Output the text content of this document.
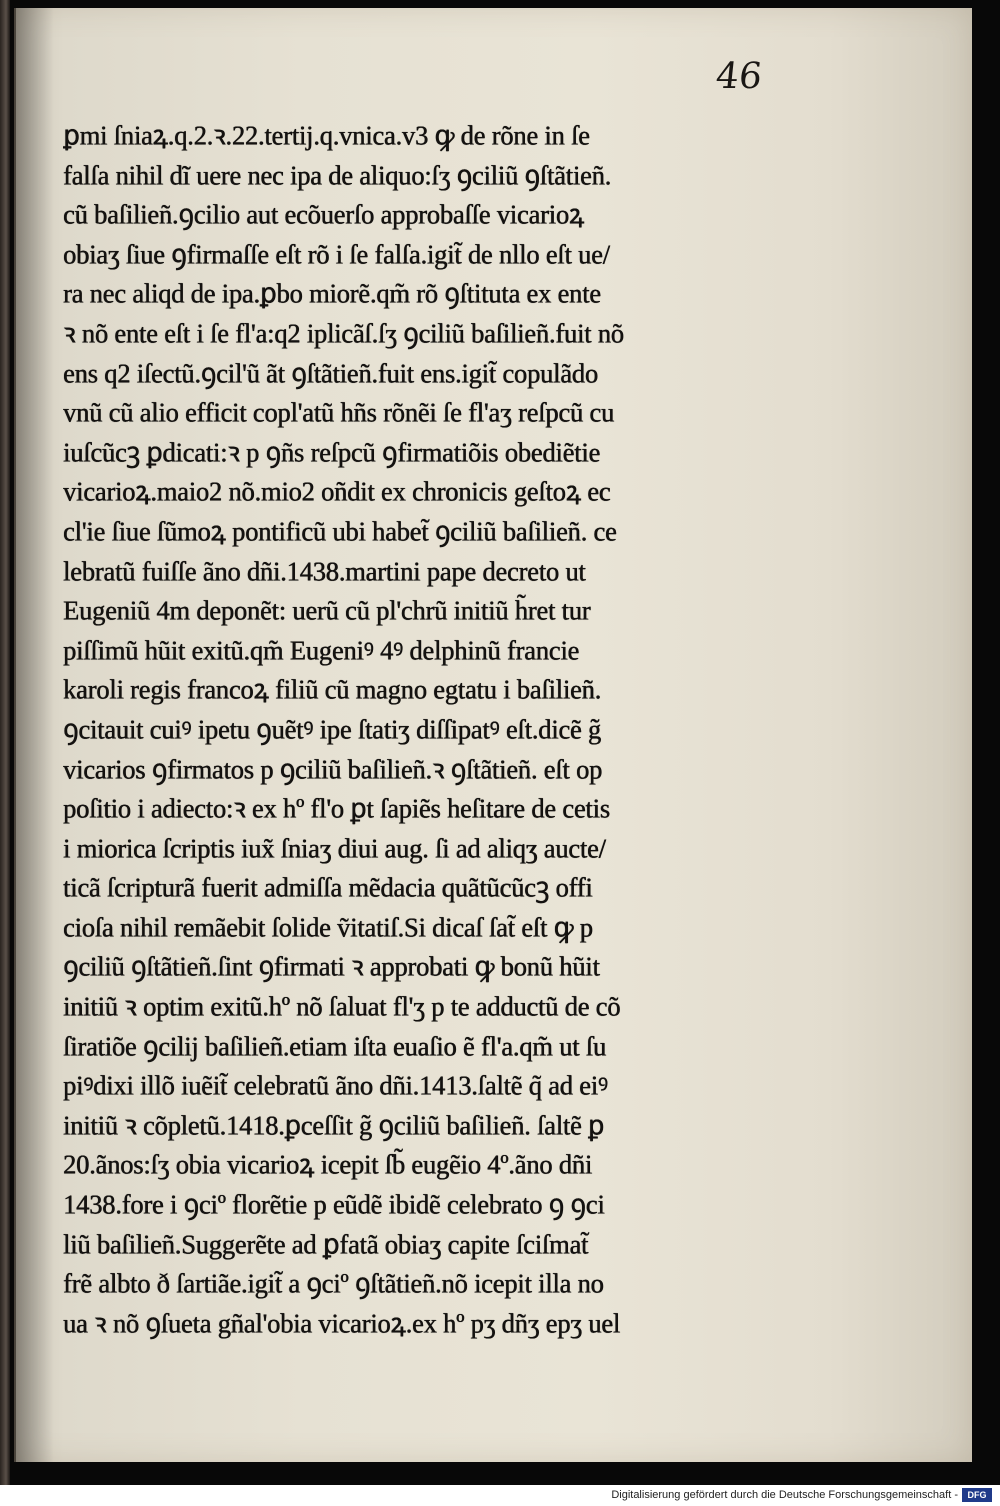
46
ꝑmi ſniaꝝ.q.2.ꝛ.22.tertij.q.vnica.v3 ꝙ de rõne in ſe
falſa nihil dĩ uere nec ipa de aliquo:ſʒ ꝯciliũ ꝯſtãtieñ.
cũ baſilieñ.ꝯcilio aut ecõuerſo approbaſſe vicarioꝝ
obiaʒ ſiue ꝯfirmaſſe eſt rõ i ſe falſa.igit̃ de nllo eſt ue/
ra nec aliqd de ipa.ꝑbo miorẽ.qm̃ rõ ꝯſtituta ex ente
ꝛ nõ ente eſt i ſe fl'a:q2 iplicãſ.ſʒ ꝯciliũ baſilieñ.fuit nõ
ens q2 iſectũ.ꝯcil'ũ ãt ꝯſtãtieñ.fuit ens.igit̃ copulãdo
vnũ cũ alio efficit copl'atũ hñs rõnẽi ſe fl'aʒ reſpcũ cu
iuſcũcꝫ ꝑdicati:ꝛ p ꝯñs reſpcũ ꝯfirmatiõis obediẽtie
vicarioꝝ.maio2 nõ.mio2 oñdit ex chronicis geſtoꝝ ec
cl'ie ſiue ſũmoꝝ pontificũ ubi habet̃ ꝯciliũ baſilieñ. ce
lebratũ fuiſſe ãno dñi.1438.martini pape decreto ut
Eugeniũ 4m deponẽt: uerũ cũ pl'chrũ initiũ h̃ret tur
piſſimũ hũit exitũ.qm̃ Eugeniꝰ 4ꝰ delphinũ francie
karoli regis francoꝝ filiũ cũ magno egtatu i baſilieñ.
ꝯcitauit cuiꝰ ipetu ꝯuẽtꝰ ipe ſtatiʒ diſſipatꝰ eſt.dicẽ g̃
vicarios ꝯfirmatos p ꝯciliũ baſilieñ.ꝛ ꝯſtãtieñ. eſt op
poſitio i adiecto:ꝛ ex hº fl'o ꝑt ſapiẽs heſitare de cetis
i miorica ſcriptis iux̃ ſniaʒ diui aug. ſi ad aliqʒ aucte/
ticã ſcripturã fuerit admiſſa mẽdacia quãtũcũcꝫ offi
cioſa nihil remãebit ſolide ṽitatiſ.Si dicaſ ſat̃ eſt ꝙ p
ꝯciliũ ꝯſtãtieñ.ſint ꝯfirmati ꝛ approbati ꝙ bonũ hũit
initiũ ꝛ optim exitũ.hº nõ ſaluat fl'ʒ p te adductũ de cõ
ſiratiõe ꝯcilij baſilieñ.etiam iſta euaſio ẽ fl'a.qm̃ ut ſu
piꝰdixi illõ iuẽit̃ celebratũ ãno dñi.1413.ſaltẽ q̃ ad eiꝰ
initiũ ꝛ cõpletũ.1418.ꝑceſſit g̃ ꝯciliũ baſilieñ. ſaltẽ ꝑ
20.ãnos:ſʒ obia vicarioꝝ icepit ſb̃ eugẽio 4º.ãno dñi
1438.fore i ꝯciº florẽtie p eũdẽ ibidẽ celebrato ꝯ ꝯci
liũ baſilieñ.Suggerẽte ad ꝑfatã obiaʒ capite ſciſmat̃
frẽ albto ð ſartiãe.igit̃ a ꝯciº ꝯſtãtieñ.nõ icepit illa no
ua ꝛ nõ ꝯſueta gñal'obia vicarioꝝ.ex hº pʒ dñʒ epʒ uel
Digitalisierung gefördert durch die Deutsche Forschungsgemeinschaft -	DFG
